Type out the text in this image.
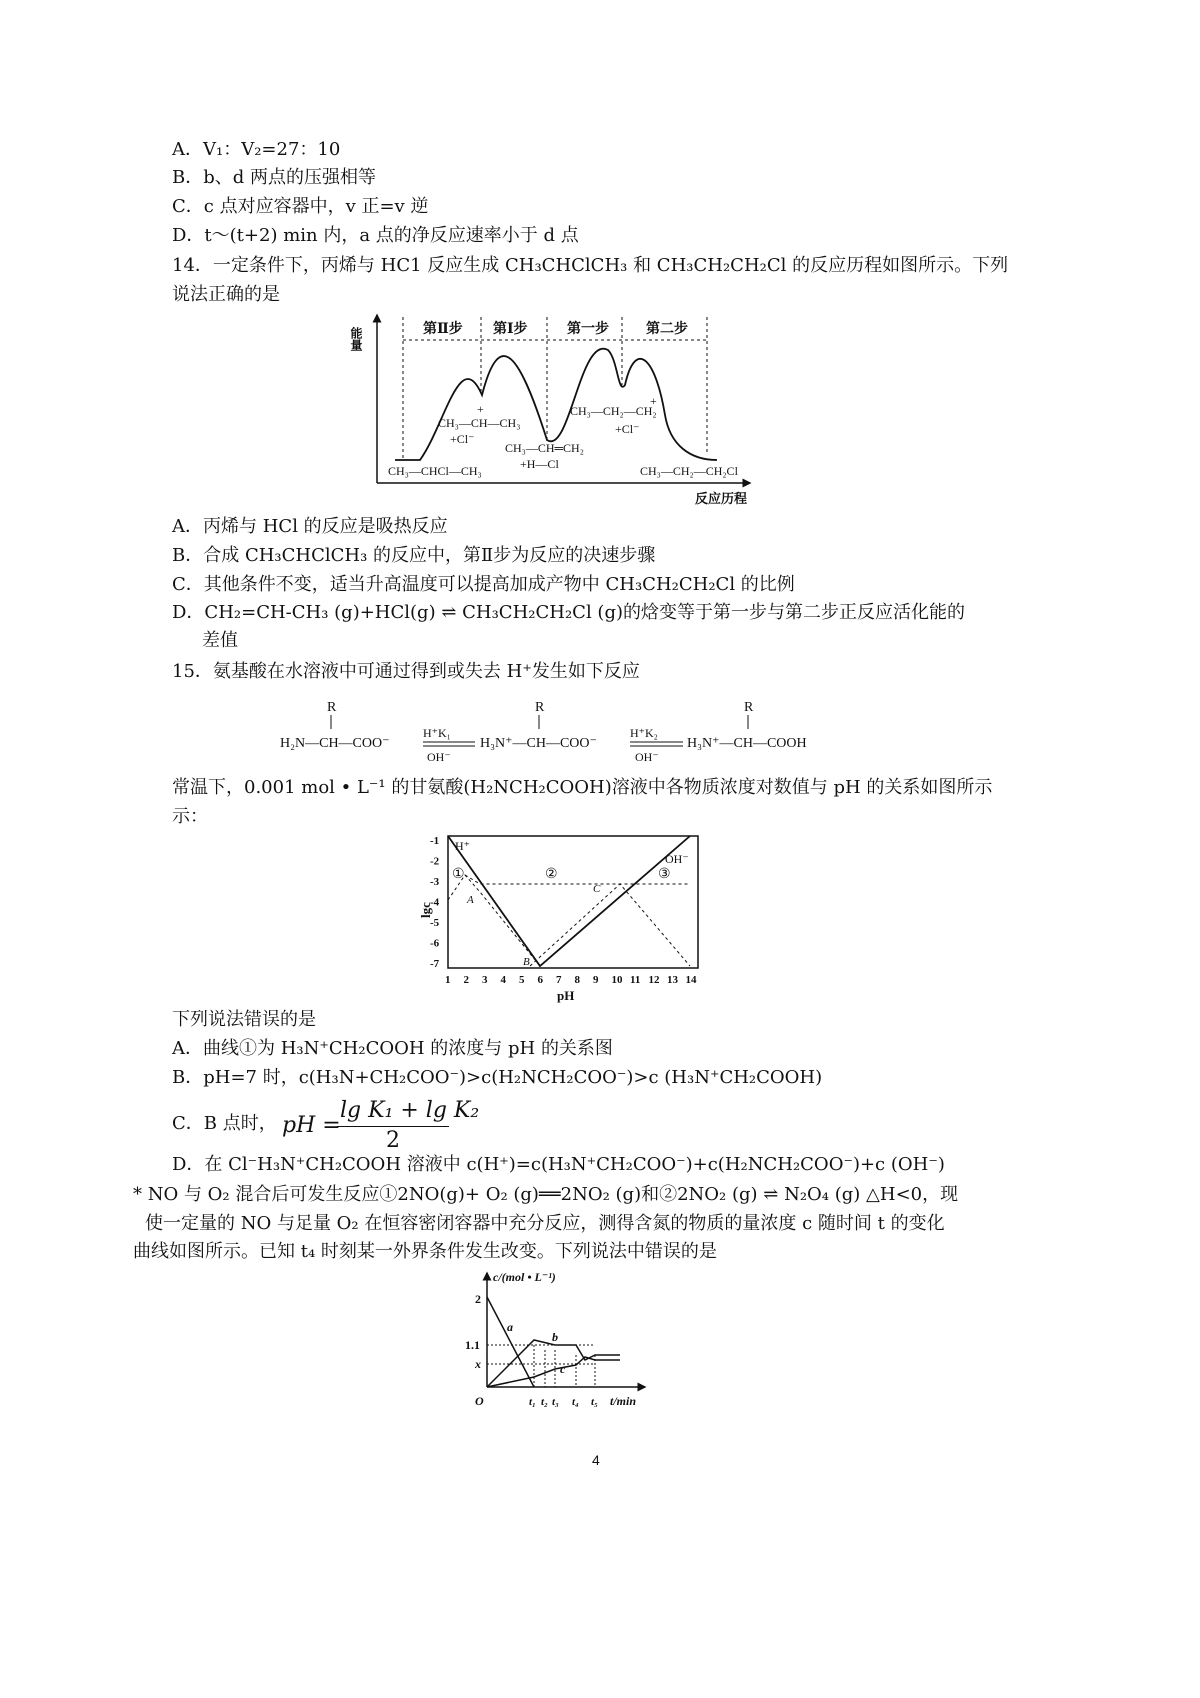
A．V₁：V₂=27：10
B．b、d 两点的压强相等
C．c 点对应容器中，v 正=v 逆
D．t～(t+2) min 内，a 点的净反应速率小于 d 点
14．一定条件下，丙烯与 HC1 反应生成 CH₃CHClCH₃ 和 CH₃CH₂CH₂Cl 的反应历程如图所示。下列
说法正确的是
能量
反应历程
第Ⅱ步 第Ⅰ步	第一步	第二步
CH₃—CHCl—CH₃
CH₃—CH—CH₃
+Cl⁻
CH₃—CH═CH₂
+H—Cl
CH₃—CH₂—CH₂
+Cl⁻
CH₃—CH₂—CH₂Cl
+
+
A．丙烯与 HCl 的反应是吸热反应
B．合成 CH₃CHClCH₃ 的反应中，第Ⅱ步为反应的决速步骤
C．其他条件不变，适当升高温度可以提高加成产物中 CH₃CH₂CH₂Cl 的比例
D．CH₂=CH-CH₃ (g)+HCl(g) ⇌ CH₃CH₂CH₂Cl (g)的焓变等于第一步与第二步正反应活化能的
差值
15．氨基酸在水溶液中可通过得到或失去 H⁺发生如下反应
R
H₂N—CH—COO⁻
H⁺K₁
OH⁻
R
H₃N⁺—CH—COO⁻
H⁺K₂
OH⁻
R
H₃N⁺—CH—COOH
常温下，0.001 mol • L⁻¹ 的甘氨酸(H₂NCH₂COOH)溶液中各物质浓度对数值与 pH 的关系如图所示
示：
-1
-2
-3
-4
-5
-6
-7
1 2 3 4 5 6 7 8 9 10 11 12 13 14
lgc
pH
H⁺
OH⁻
①	②	③
A
B
C
下列说法错误的是
A．曲线①为 H₃N⁺CH₂COOH 的浓度与 pH 的关系图
B．pH=7 时，c(H₃N+CH₂COO⁻)>c(H₂NCH₂COO⁻)>c (H₃N⁺CH₂COOH)
C．B 点时， pH =
lg K₁ + lg K₂
2
D．在 Cl⁻H₃N⁺CH₂COOH 溶液中 c(H⁺)=c(H₃N⁺CH₂COO⁻)+c(H₂NCH₂COO⁻)+c (OH⁻)
* NO 与 O₂ 混合后可发生反应①2NO(g)+ O₂ (g)══2NO₂ (g)和②2NO₂ (g) ⇌ N₂O₄ (g) △H<0，现
使一定量的 NO 与足量 O₂ 在恒容密闭容器中充分反应，测得含氮的物质的量浓度 c 随时间 t 的变化
曲线如图所示。已知 t₄ 时刻某一外界条件发生改变。下列说法中错误的是
c/(mol • L⁻¹)
t/min
2
1.1
x
O
a
b
c
t₁ t₂ t₃ t₄ t₅
4
